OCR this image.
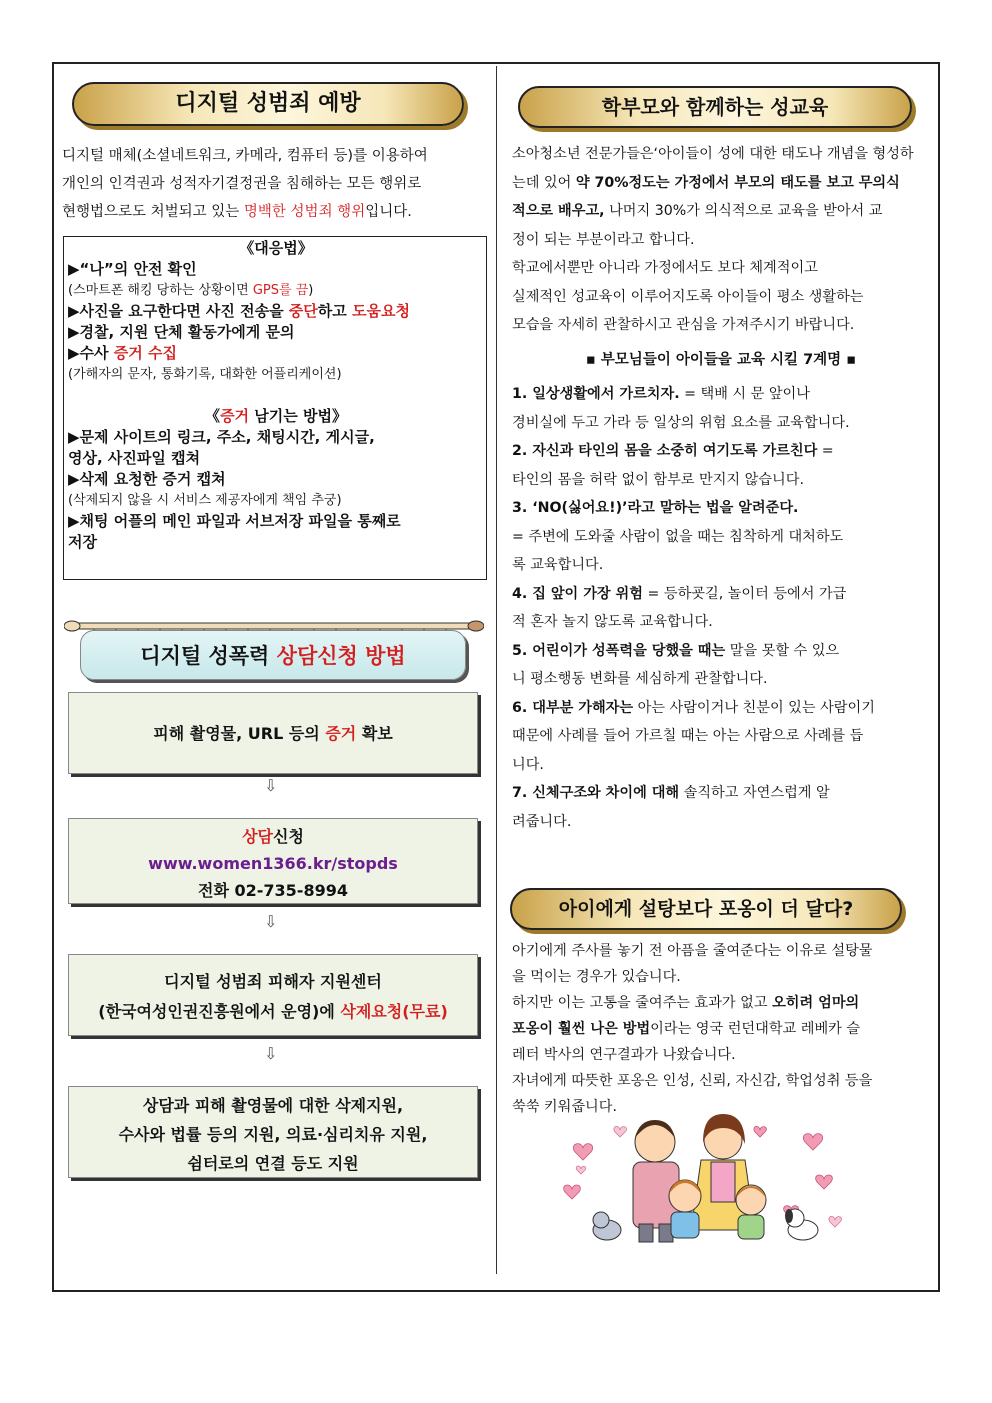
디지털 성범죄 예방
디지털 매체(소셜네트워크, 카메라, 컴퓨터 등)를 이용하여
개인의 인격권과 성적자기결정권을 침해하는 모든 행위로
현행법으로도 처벌되고 있는 명백한 성범죄 행위입니다.
《대응법》
▶“나”의 안전 확인
(스마트폰 해킹 당하는 상황이면 GPS를 끔)
▶사진을 요구한다면 사진 전송을 중단하고 도움요청
▶경찰, 지원 단체 활동가에게 문의
▶수사 증거 수집
(가해자의 문자, 통화기록, 대화한 어플리케이션)
《증거 남기는 방법》
▶문제 사이트의 링크, 주소, 채팅시간, 게시글,
영상, 사진파일 캡쳐
▶삭제 요청한 증거 캡쳐
(삭제되지 않을 시 서비스 제공자에게 책임 추궁)
▶채팅 어플의 메인 파일과 서브저장 파일을 통째로
저장
디지털 성폭력 상담신청 방법
피해 촬영물, URL 등의 증거 확보
⇩
상담신청
www.women1366.kr/stopds
전화 02-735-8994
⇩
디지털 성범죄 피해자 지원센터
(한국여성인권진흥원에서 운영)에 삭제요청(무료)
⇩
상담과 피해 촬영물에 대한 삭제지원,
수사와 법률 등의 지원, 의료·심리치유 지원,
쉼터로의 연결 등도 지원
학부모와 함께하는 성교육
소아청소년 전문가들은‘아이들이 성에 대한 태도나 개념을 형성하
는데 있어 약 70%정도는 가정에서 부모의 태도를 보고 무의식
적으로 배우고, 나머지 30%가 의식적으로 교육을 받아서 교
정이 되는 부분이라고 합니다.
학교에서뿐만 아니라 가정에서도 보다 체계적이고
실제적인 성교육이 이루어지도록 아이들이 평소 생활하는
모습을 자세히 관찰하시고 관심을 가져주시기 바랍니다.
▪ 부모님들이 아이들을 교육 시킬 7계명 ▪
1. 일상생활에서 가르치자. = 택배 시 문 앞이나
경비실에 두고 가라 등 일상의 위험 요소를 교육합니다.
2. 자신과 타인의 몸을 소중히 여기도록 가르친다 =
타인의 몸을 허락 없이 함부로 만지지 않습니다.
3. ‘NO(싫어요!)’라고 말하는 법을 알려준다.
= 주변에 도와줄 사람이 없을 때는 침착하게 대처하도
록 교육합니다.
4. 집 앞이 가장 위험 = 등하굣길, 놀이터 등에서 가급
적 혼자 놀지 않도록 교육합니다.
5. 어린이가 성폭력을 당했을 때는 말을 못할 수 있으
니 평소행동 변화를 세심하게 관찰합니다.
6. 대부분 가해자는 아는 사람이거나 친분이 있는 사람이기
때문에 사례를 들어 가르칠 때는 아는 사람으로 사례를 듭
니다.
7. 신체구조와 차이에 대해 솔직하고 자연스럽게 알
려줍니다.
아이에게 설탕보다 포옹이 더 달다?
아기에게 주사를 놓기 전 아픔을 줄여준다는 이유로 설탕물
을 먹이는 경우가 있습니다.
하지만 이는 고통을 줄여주는 효과가 없고 오히려 엄마의
포옹이 훨씬 나은 방법이라는 영국 런던대학교 레베카 슬
레터 박사의 연구결과가 나왔습니다.
자녀에게 따뜻한 포옹은 인성, 신뢰, 자신감, 학업성취 등을
쑥쑥 키워줍니다.
